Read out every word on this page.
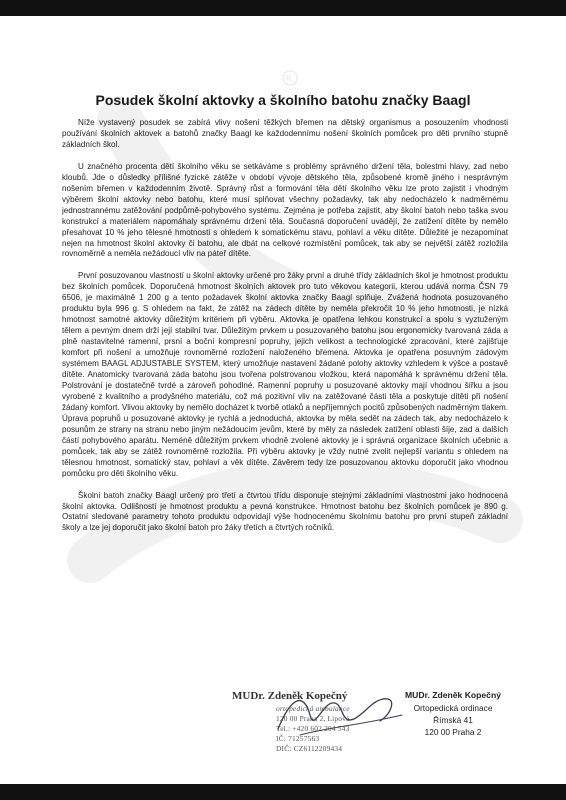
R
Posudek školní aktovky a školního batohu značky Baagl

Níže vystavený posudek se zabírá vlivy nošení těžkých břemen na dětský organismus a posouzením vhodnosti používání školních aktovek a batohů značky Baagl ke každodennímu nošení školních pomůcek pro děti prvního stupně základních škol.

U značného procenta dětí školního věku se setkáváme s problémy správného držení těla, bolestmi hlavy, zad nebo kloubů. Jde o důsledky přílišné fyzické zátěže v období vývoje dětského těla, způsobené kromě jiného i nesprávným nošením břemen v každodenním životě. Správný růst a formování těla dětí školního věku lze proto zajistit i vhodným výběrem školní aktovky nebo batohu, které musí splňovat všechny požadavky, tak aby nedocházelo k nadměrnému jednostrannému zatěžování podpůrně-pohybového systému. Zejména je potřeba zajistit, aby školní batoh nebo taška svou konstrukcí a materiálem napomáhaly správnému držení těla. Současná doporučení uvádějí, že zatížení dítěte by nemělo přesahovat 10 % jeho tělesné hmotnosti s ohledem k somatickému stavu, pohlaví a věku dítěte. Důležité je nezapomínat nejen na hmotnost školní aktovky či batohu, ale dbát na celkové rozmístění pomůcek, tak aby se největší zátěž rozložila rovnoměrně a neměla nežádoucí vliv na páteř dítěte.

První posuzovanou vlastností u školní aktovky určené pro žáky první a druhé třídy základních škol je hmotnost produktu bez školních pomůcek. Doporučená hmotnost školních aktovek pro tuto věkovou kategorii, kterou udává norma ČSN 79 6506, je maximálně 1 200 g a tento požadavek školní aktovka značky Baagl splňuje. Zvážená hodnota posuzovaného produktu byla 996 g. S ohledem na fakt, že zátěž na zádech dítěte by neměla překročit 10 % jeho hmotnosti, je nízká hmotnost samotné aktovky důležitým kritériem při výběru. Aktovka je opatřena lehkou konstrukcí a spolu s vyztuženým tělem a pevným dnem drží její stabilní tvar. Důležitým prvkem u posuzovaného batohu jsou ergonomicky tvarovaná záda a plně nastavitelné ramenní, prsní a boční kompresní popruhy, jejich velikost a technologické zpracování, které zajišťuje komfort při nošení a umožňuje rovnoměrné rozložení naloženého břemena. Aktovka je opatřena posuvným zádovým systémem BAAGL ADJUSTABLE SYSTEM, který umožňuje nastavení žádané polohy aktovky vzhledem k výšce a postavě dítěte. Anatomicky tvarovaná záda batohu jsou tvořena polstrovanou vložkou, která napomáhá k správnému držení těla. Polstrování je dostatečně tvrdé a zároveň pohodlné. Ramenní popruhy u posuzované aktovky mají vhodnou šířku a jsou vyrobené z kvalitního a prodyšného materiálu, což má pozitivní vliv na zatěžované části těla a poskytuje dítěti při nošení žádaný komfort. Vlivou aktovky by nemělo docházet k tvorbě otlaků a nepříjemných pocitů způsobených nadměrným tlakem. Úprava popruhů u posuzované aktovky je rychlá a jednoduchá, aktovka by měla sedět na zádech tak, aby nedocházelo k posunům ze strany na stranu nebo jiným nežádoucím jevům, které by měly za následek zatížení oblasti šíje, zad a dalších částí pohybového aparátu. Neméně důležitým prvkem vhodně zvolené aktovky je i správná organizace školních učebnic a pomůcek, tak aby se zátěž rovnoměrně rozložila. Při výběru aktovky je vždy nutné zvolit nejlepší variantu s ohledem na tělesnou hmotnost, somatický stav, pohlaví a věk dítěte. Závěrem tedy lze posuzovanou aktovku doporučit jako vhodnou pomůcku pro děti školního věku.

Školní batoh značky Baagl určený pro třetí a čtvrtou třídu disponuje stejnými základními vlastnostmi jako hodnocená školní aktovka. Odlišností je hmotnost produktu a pevná konstrukce. Hmotnost batohu bez školních pomůcek je 890 g. Ostatní sledované parametry tohoto produktu odpovídají výše hodnocenému školnímu batohu pro první stupeň základní školy a lze jej doporučit jako školní batoh pro žáky třetích a čtvrtých ročníků.

MUDr. Zdeněk Kopečný
ortopedická ambulance
120 00 Praha 2, Lipová
Tel.: +420 602 204 543
IČ: 71257563
DIČ: CZ6112209434

MUDr. Zdeněk Kopečný

Ortopedická ordinace

Římská 41

120 00 Praha 2
